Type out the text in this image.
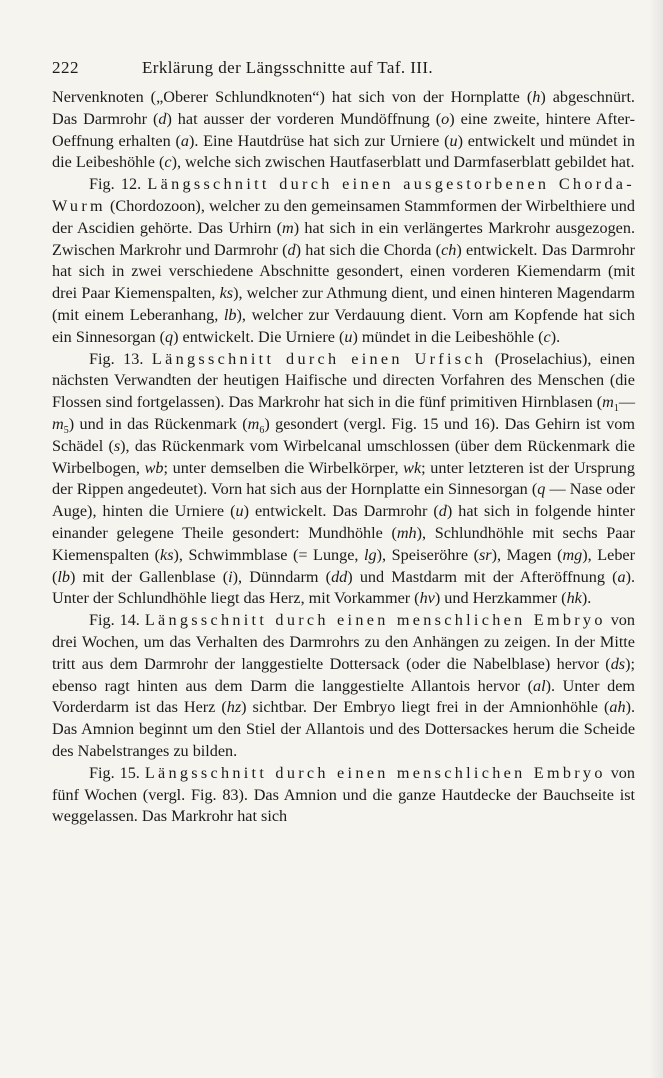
222	Erklärung der Längsschnitte auf Taf. III.

Nervenknoten („Oberer Schlundknoten“) hat sich von der Hornplatte (h) abgeschnürt. Das Darmrohr (d) hat ausser der vorderen Mundöffnung (o) eine zweite, hintere After-Oeffnung erhalten (a). Eine Hautdrüse hat sich zur Urniere (u) entwickelt und mündet in die Leibeshöhle (c), welche sich zwischen Hautfaserblatt und Darmfaserblatt gebildet hat.

Fig. 12. Längsschnitt durch einen ausgestorbenen Chorda-Wurm (Chordozoon), welcher zu den gemeinsamen Stammformen der Wirbelthiere und der Ascidien gehörte. Das Urhirn (m) hat sich in ein verlängertes Markrohr ausgezogen. Zwischen Markrohr und Darmrohr (d) hat sich die Chorda (ch) entwickelt. Das Darmrohr hat sich in zwei verschiedene Abschnitte gesondert, einen vorderen Kiemendarm (mit drei Paar Kiemenspalten, ks), welcher zur Athmung dient, und einen hinteren Magendarm (mit einem Leberanhang, lb), welcher zur Verdauung dient. Vorn am Kopfende hat sich ein Sinnesorgan (q) entwickelt. Die Urniere (u) mündet in die Leibeshöhle (c).

Fig. 13. Längsschnitt durch einen Urfisch (Proselachius), einen nächsten Verwandten der heutigen Haifische und directen Vorfahren des Menschen (die Flossen sind fortgelassen). Das Markrohr hat sich in die fünf primitiven Hirnblasen $(m_1—m_5)$ und in das Rückenmark $(m_6)$ gesondert (vergl. Fig. 15 und 16). Das Gehirn ist vom Schädel (s), das Rückenmark vom Wirbelcanal umschlossen (über dem Rückenmark die Wirbelbogen, wb; unter demselben die Wirbelkörper, wk; unter letzteren ist der Ursprung der Rippen angedeutet). Vorn hat sich aus der Hornplatte ein Sinnesorgan (q — Nase oder Auge), hinten die Urniere (u) entwickelt. Das Darmrohr (d) hat sich in folgende hinter einander gelegene Theile gesondert: Mundhöhle (mh), Schlundhöhle mit sechs Paar Kiemenspalten (ks), Schwimmblase (= Lunge, lg), Speiseröhre (sr), Magen (mg), Leber (lb) mit der Gallenblase (i), Dünndarm (dd) und Mastdarm mit der Afteröffnung (a). Unter der Schlundhöhle liegt das Herz, mit Vorkammer (hv) und Herzkammer (hk).

Fig. 14. Längsschnitt durch einen menschlichen Embryo von drei Wochen, um das Verhalten des Darmrohrs zu den Anhängen zu zeigen. In der Mitte tritt aus dem Darmrohr der langgestielte Dottersack (oder die Nabelblase) hervor (ds); ebenso ragt hinten aus dem Darm die langgestielte Allantois hervor (al). Unter dem Vorderdarm ist das Herz (hz) sichtbar. Der Embryo liegt frei in der Amnionhöhle (ah). Das Amnion beginnt um den Stiel der Allantois und des Dottersackes herum die Scheide des Nabelstranges zu bilden.

Fig. 15. Längsschnitt durch einen menschlichen Embryo von fünf Wochen (vergl. Fig. 83). Das Amnion und die ganze Hautdecke der Bauchseite ist weggelassen. Das Markrohr hat sich
